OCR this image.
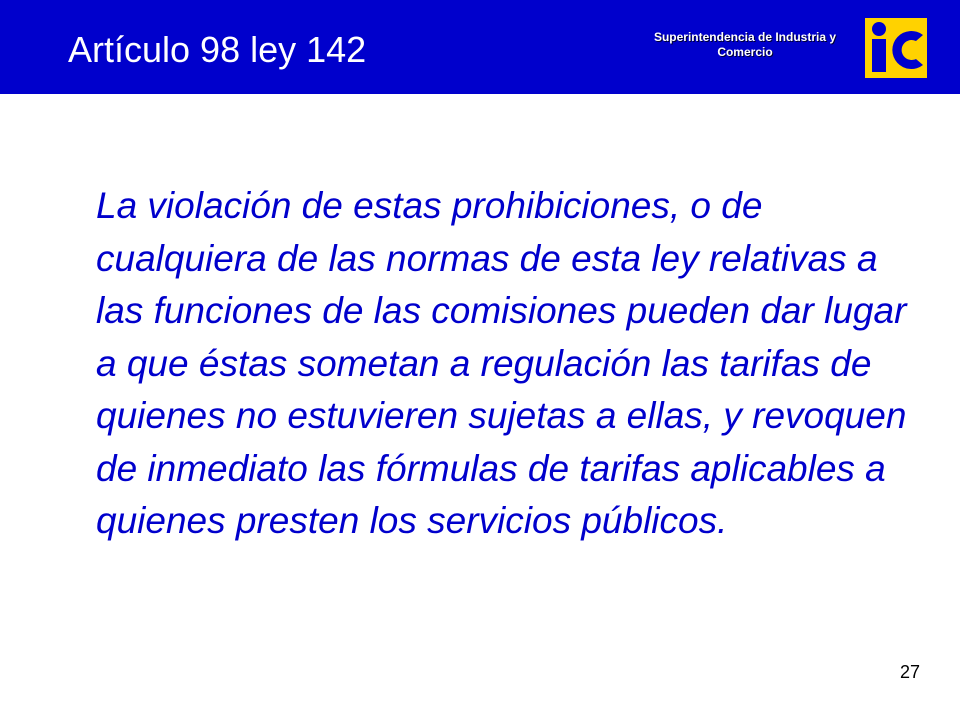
Artículo 98 ley 142	Superintendencia de Industria y
Comercio
La violación de estas prohibiciones, o de cualquiera de las normas de esta ley relativas a las funciones de las comisiones pueden dar lugar a que éstas sometan a regulación las tarifas de quienes no estuvieren sujetas a ellas, y revoquen de inmediato las fórmulas de tarifas aplicables a quienes presten los servicios públicos.
27
